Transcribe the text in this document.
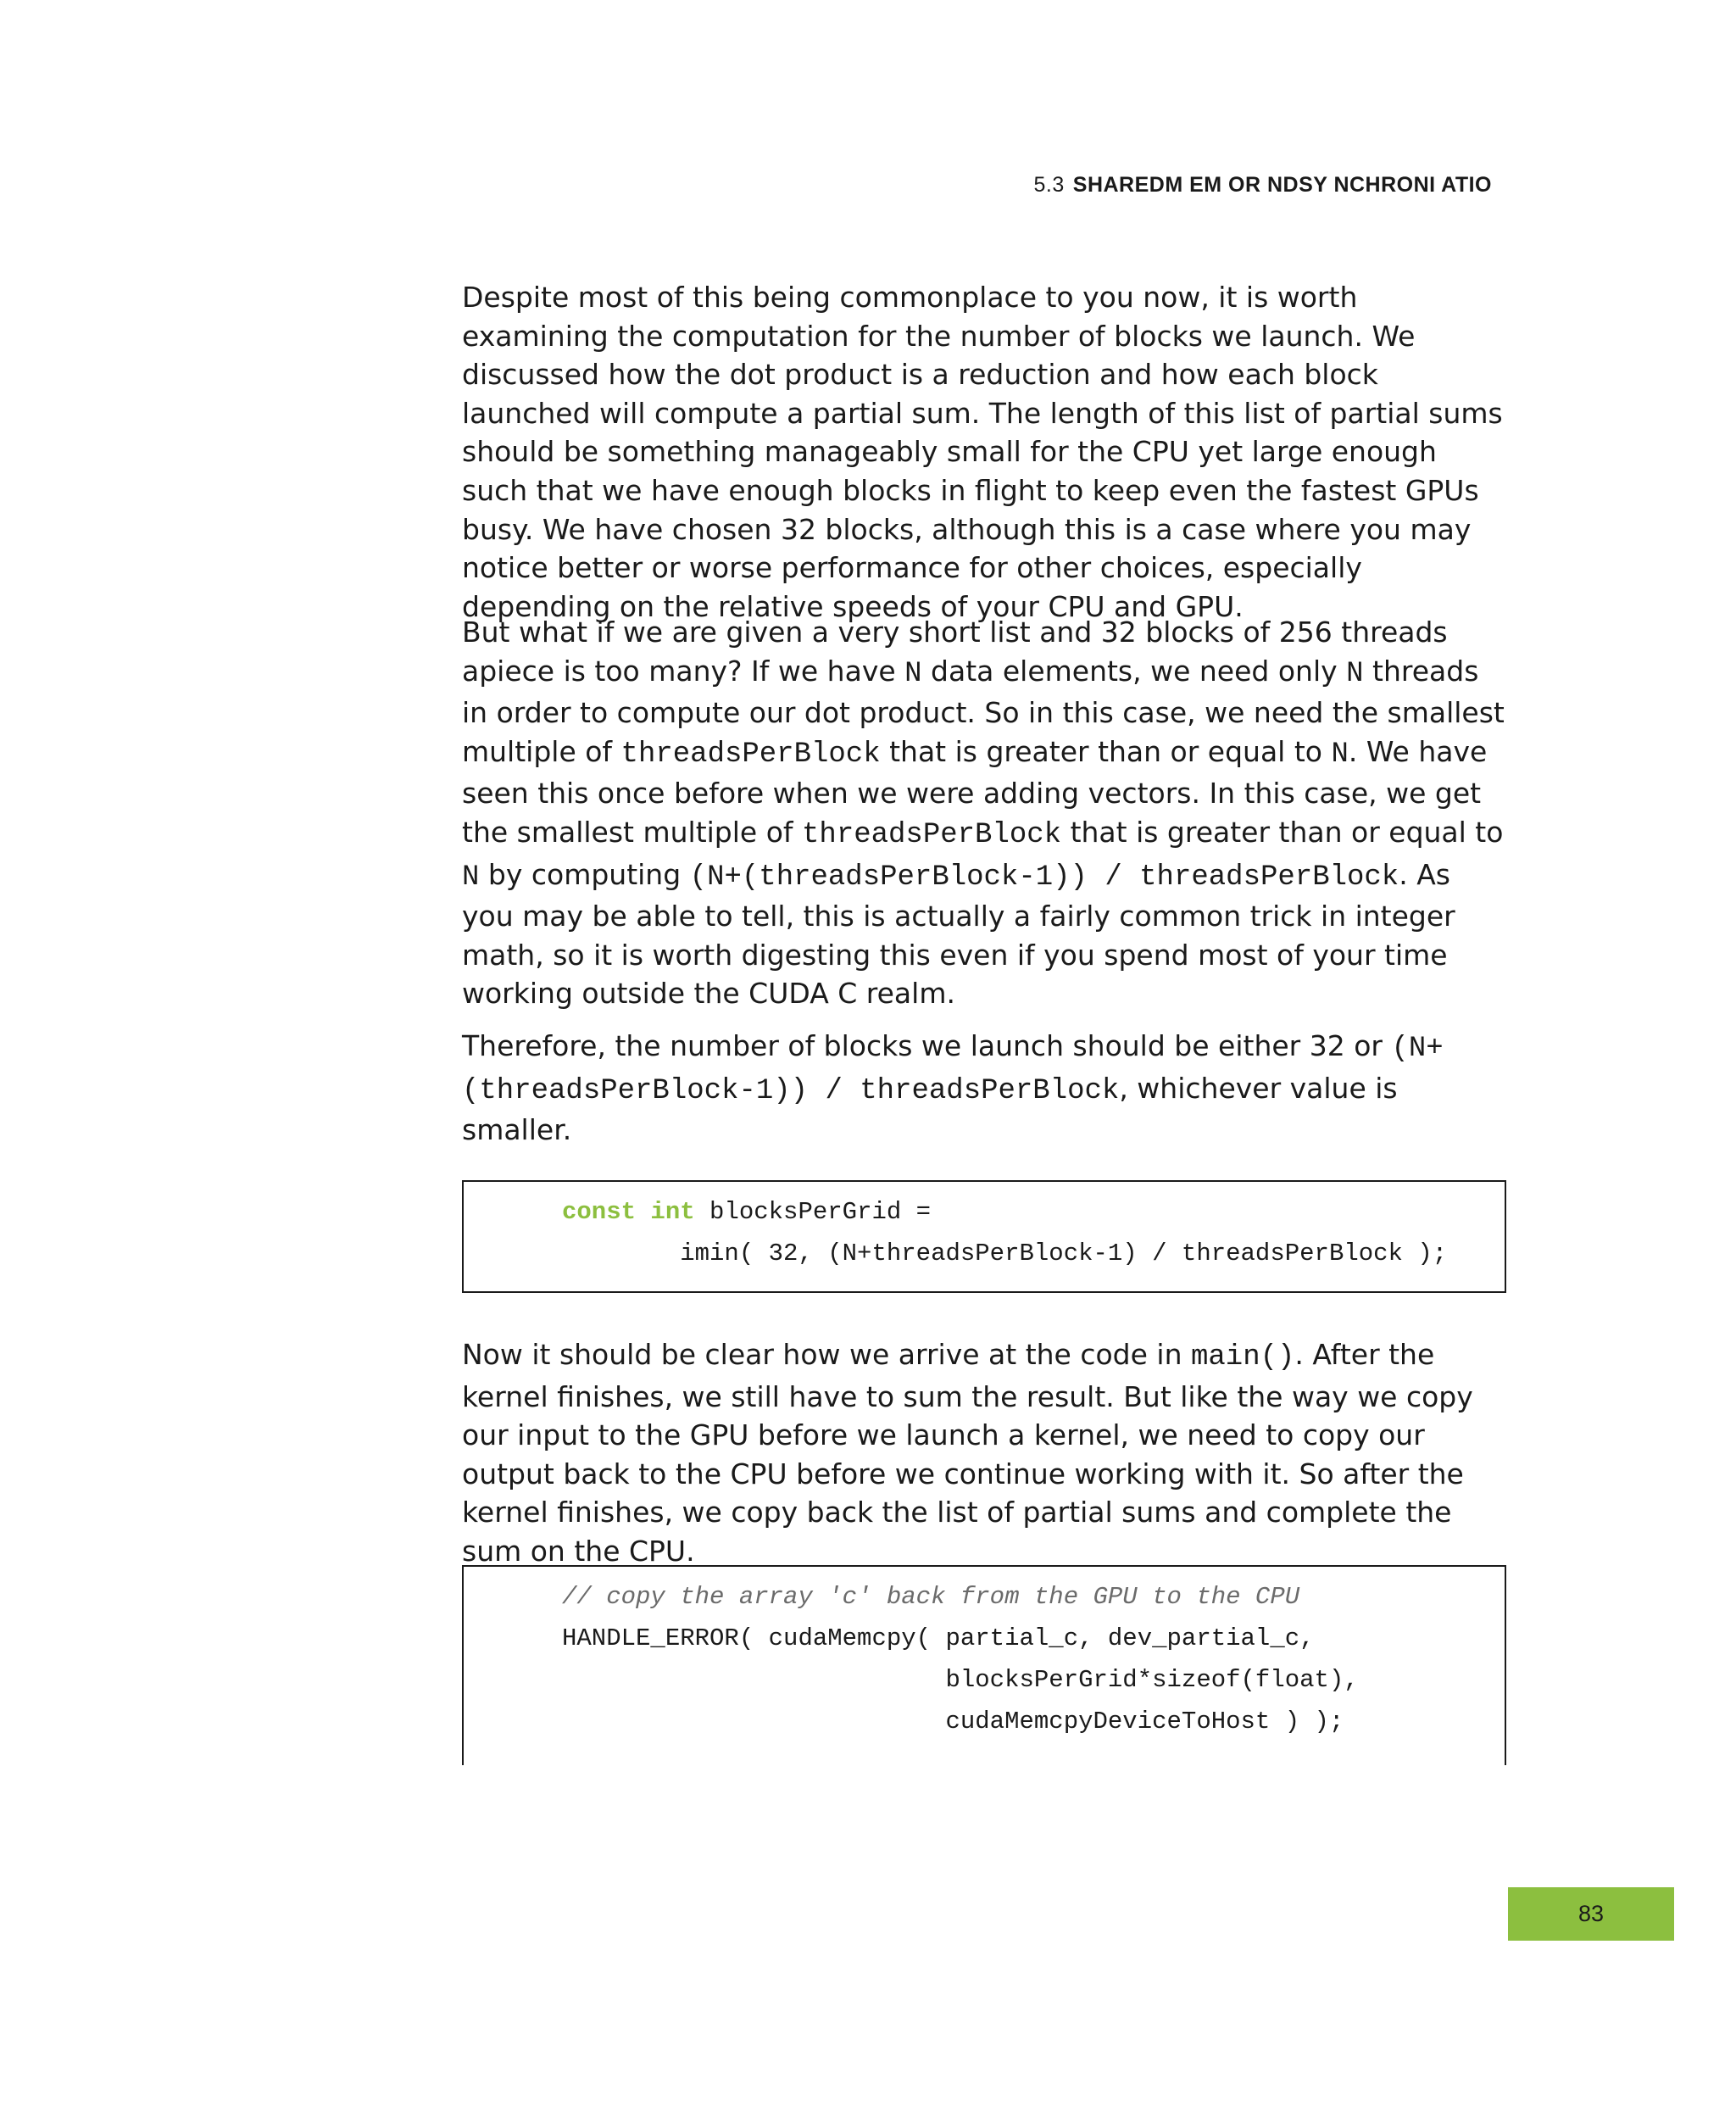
5.3 SHAREDM EM OR NDSY NCHRONI ATIO

Despite most of this being commonplace to you now, it is worth examining the computation for the number of blocks we launch. We discussed how the dot product is a reduction and how each block launched will compute a partial sum. The length of this list of partial sums should be something manageably small for the CPU yet large enough such that we have enough blocks in flight to keep even the fastest GPUs busy. We have chosen 32 blocks, although this is a case where you may notice better or worse performance for other choices, especially depending on the relative speeds of your CPU and GPU.

But what if we are given a very short list and 32 blocks of 256 threads apiece is too many? If we have N data elements, we need only N threads in order to compute our dot product. So in this case, we need the smallest multiple of threadsPerBlock that is greater than or equal to N. We have seen this once before when we were adding vectors. In this case, we get the smallest multiple of threadsPerBlock that is greater than or equal to N by computing (N+(threadsPerBlock-1)) / threadsPerBlock. As you may be able to tell, this is actually a fairly common trick in integer math, so it is worth digesting this even if you spend most of your time working outside the CUDA C realm.

Therefore, the number of blocks we launch should be either 32 or (N+(threadsPerBlock-1)) / threadsPerBlock, whichever value is smaller.

const int blocksPerGrid =
imin( 32, (N+threadsPerBlock-1) / threadsPerBlock );

Now it should be clear how we arrive at the code in main(). After the kernel finishes, we still have to sum the result. But like the way we copy our input to the GPU before we launch a kernel, we need to copy our output back to the CPU before we continue working with it. So after the kernel finishes, we copy back the list of partial sums and complete the sum on the CPU.

// copy the array 'c' back from the GPU to the CPU
HANDLE_ERROR( cudaMemcpy( partial_c, dev_partial_c,
blocksPerGrid*sizeof(float),
cudaMemcpyDeviceToHost ) );
83
